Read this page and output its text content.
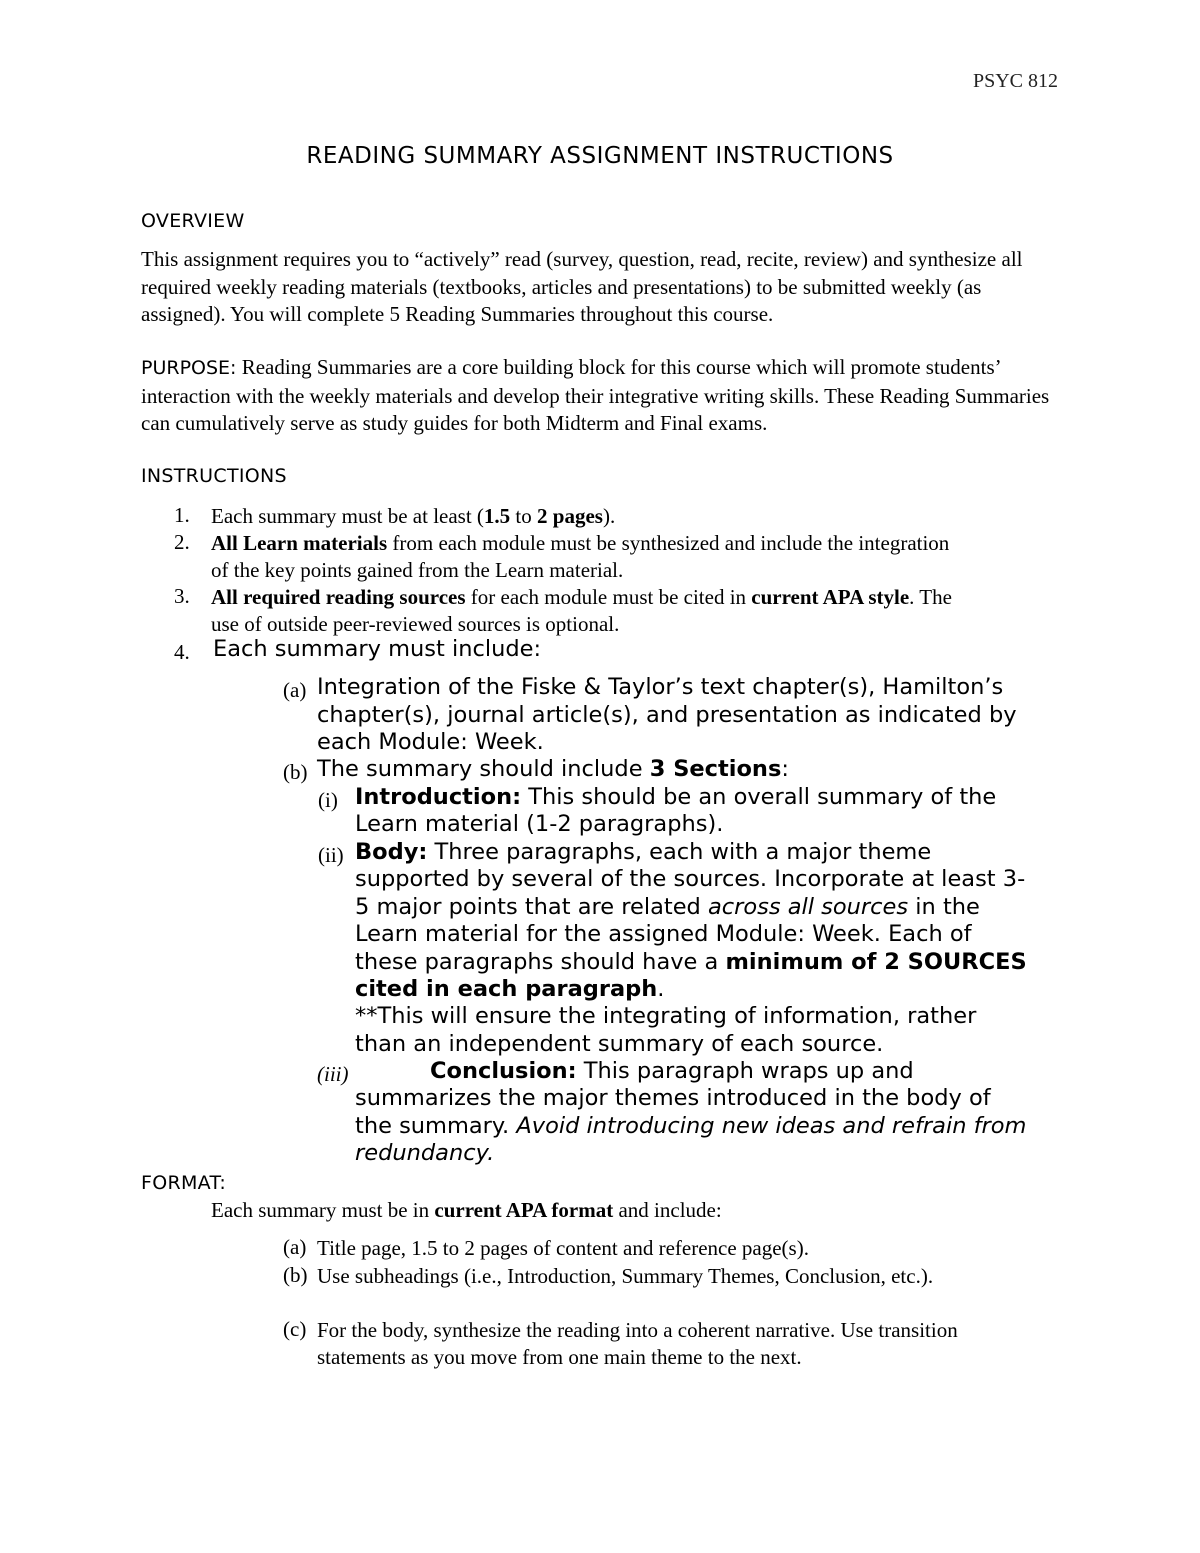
PSYC 812
READING SUMMARY ASSIGNMENT INSTRUCTIONS
OVERVIEW
This assignment requires you to “actively” read (survey, question, read, recite, review) and synthesize all required weekly reading materials (textbooks, articles and presentations) to be submitted weekly (as assigned). You will complete 5 Reading Summaries throughout this course.
PURPOSE: Reading Summaries are a core building block for this course which will promote students’ interaction with the weekly materials and develop their integrative writing skills. These Reading Summaries can cumulatively serve as study guides for both Midterm and Final exams.
INSTRUCTIONS
1. Each summary must be at least (1.5 to 2 pages).
2. All Learn materials from each module must be synthesized and include the integration
of the key points gained from the Learn material.
3. All required reading sources for each module must be cited in current APA style. The
use of outside peer-reviewed sources is optional.
4. Each summary must include:
(a) Integration of the Fiske & Taylor’s text chapter(s), Hamilton’s
chapter(s), journal article(s), and presentation as indicated by
each Module: Week.
(b) The summary should include 3 Sections:
(i) Introduction: This should be an overall summary of the
Learn material (1-2 paragraphs).
(ii) Body: Three paragraphs, each with a major theme
supported by several of the sources. Incorporate at least 3-
5 major points that are related across all sources in the
Learn material for the assigned Module: Week. Each of
these paragraphs should have a minimum of 2 SOURCES
cited in each paragraph.
**This will ensure the integrating of information, rather
than an independent summary of each source.
(iii)	Conclusion: This paragraph wraps up and
summarizes the major themes introduced in the body of
the summary. Avoid introducing new ideas and refrain from
redundancy.
FORMAT:
Each summary must be in current APA format and include:
(a) Title page, 1.5 to 2 pages of content and reference page(s).
(b) Use subheadings (i.e., Introduction, Summary Themes, Conclusion, etc.).
(c) For the body, synthesize the reading into a coherent narrative. Use transition
statements as you move from one main theme to the next.
